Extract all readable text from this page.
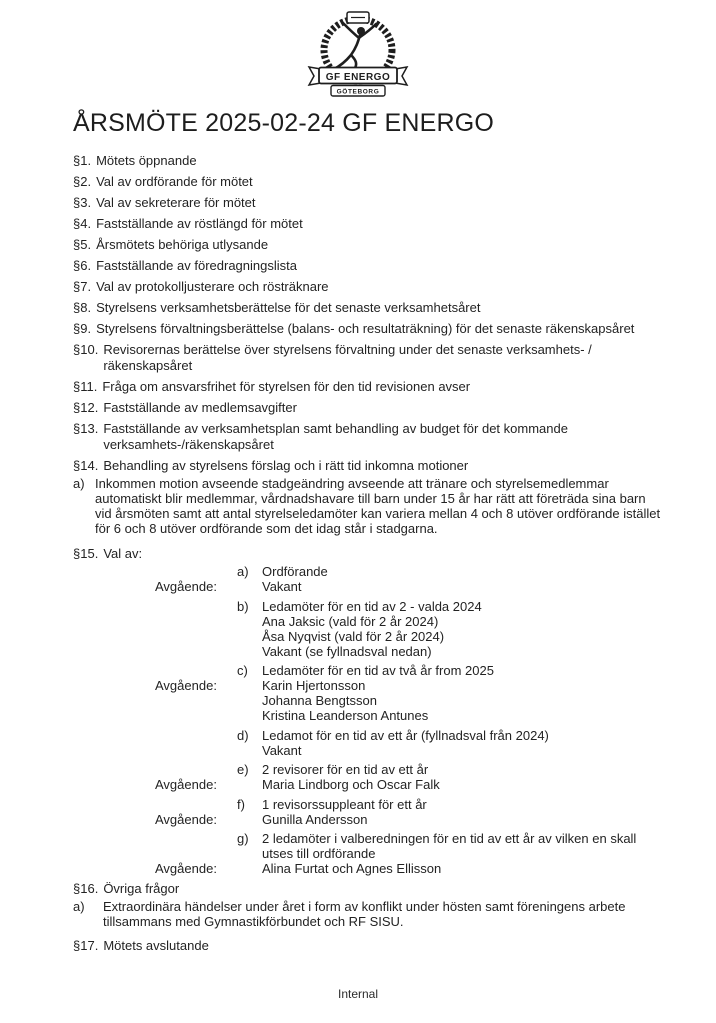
GF ENERGO
GÖTEBORG
ÅRSMÖTE 2025-02-24 GF ENERGO
§1. Mötets öppnande
§2. Val av ordförande för mötet
§3. Val av sekreterare för mötet
§4. Fastställande av röstlängd för mötet
§5. Årsmötets behöriga utlysande
§6. Fastställande av föredragningslista
§7. Val av protokolljusterare och rösträknare
§8. Styrelsens verksamhetsberättelse för det senaste verksamhetsåret
§9. Styrelsens förvaltningsberättelse (balans- och resultaträkning) för det senaste räkenskapsåret
§10. Revisorernas berättelse över styrelsens förvaltning under det senaste verksamhets- /
räkenskapsåret
§11. Fråga om ansvarsfrihet för styrelsen för den tid revisionen avser
§12. Fastställande av medlemsavgifter
§13. Fastställande av verksamhetsplan samt behandling av budget för det kommande
verksamhets-/räkenskapsåret
§14. Behandling av styrelsens förslag och i rätt tid inkomna motioner
a) Inkommen motion avseende stadgeändring avseende att tränare och styrelsemedlemmar
automatiskt blir medlemmar, vårdnadshavare till barn under 15 år har rätt att företräda sina barn
vid årsmöten samt att antal styrelseledamöter kan variera mellan 4 och 8 utöver ordförande istället
för 6 och 8 utöver ordförande som det idag står i stadgarna.
§15. Val av:
a)	Ordförande
Avgående:	Vakant
b)	Ledamöter för en tid av 2 - valda 2024
Ana Jaksic (vald för 2 år 2024)
Åsa Nyqvist (vald för 2 år 2024)
Vakant (se fyllnadsval nedan)
c)	Ledamöter för en tid av två år from 2025
Avgående:	Karin Hjertonsson
Johanna Bengtsson
Kristina Leanderson Antunes
d)	Ledamot för en tid av ett år (fyllnadsval från 2024)
Vakant
e)	2 revisorer för en tid av ett år
Avgående:	Maria Lindborg och Oscar Falk
f)	1 revisorssuppleant för ett år
Avgående:	Gunilla Andersson
g)	2 ledamöter i valberedningen för en tid av ett år av vilken en skall
utses till ordförande
Avgående:	Alina Furtat och Agnes Ellisson
§16. Övriga frågor
a)	Extraordinära händelser under året i form av konflikt under hösten samt föreningens arbete
tillsammans med Gymnastikförbundet och RF SISU.
§17. Mötets avslutande
Internal
